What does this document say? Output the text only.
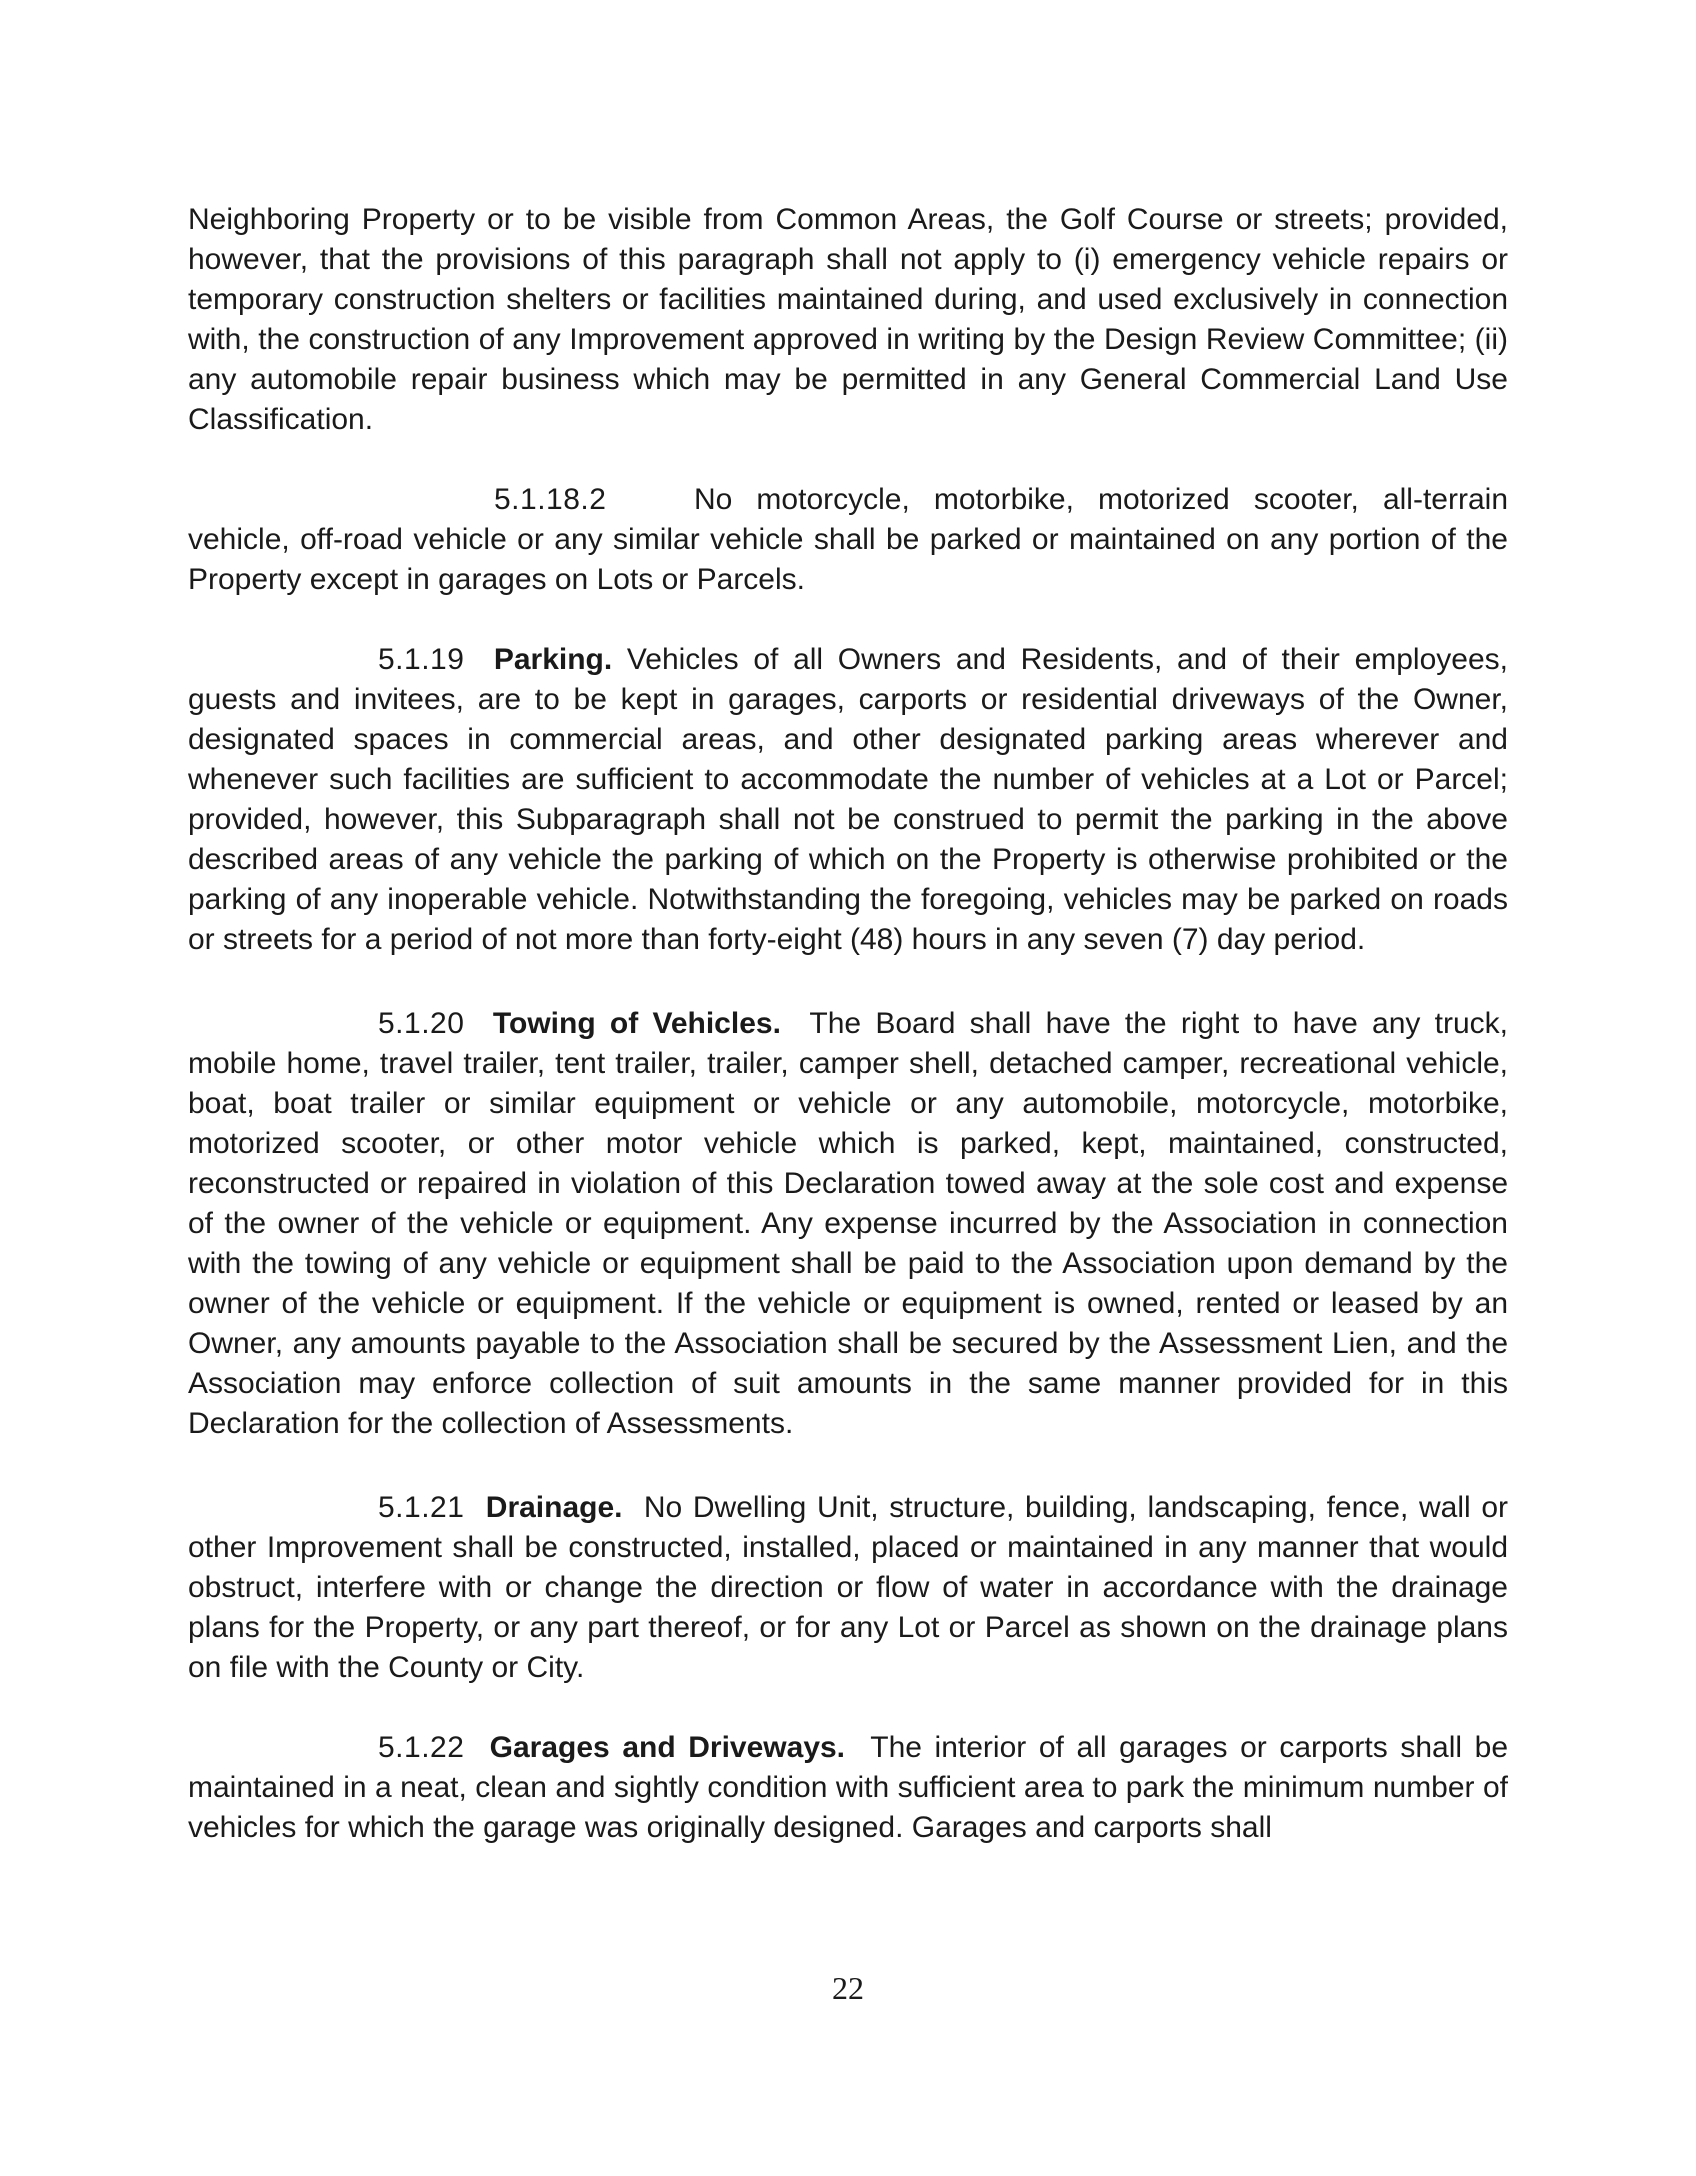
Neighboring Property or to be visible from Common Areas, the Golf Course or streets; provided, however, that the provisions of this paragraph shall not apply to (i) emergency vehicle repairs or temporary construction shelters or facilities maintained during, and used exclusively in connection with, the construction of any Improvement approved in writing by the Design Review Committee; (ii) any automobile repair business which may be permitted in any General Commercial Land Use Classification.

5.1.18.2	No motorcycle, motorbike, motorized scooter, all-terrain vehicle, off-road vehicle or any similar vehicle shall be parked or maintained on any portion of the Property except in garages on Lots or Parcels.

5.1.19 Parking. Vehicles of all Owners and Residents, and of their employees, guests and invitees, are to be kept in garages, carports or residential driveways of the Owner, designated spaces in commercial areas, and other designated parking areas wherever and whenever such facilities are sufficient to accommodate the number of vehicles at a Lot or Parcel; provided, however, this Subparagraph shall not be construed to permit the parking in the above described areas of any vehicle the parking of which on the Property is otherwise prohibited or the parking of any inoperable vehicle. Notwithstanding the foregoing, vehicles may be parked on roads or streets for a period of not more than forty-eight (48) hours in any seven (7) day period.

5.1.20 Towing of Vehicles. The Board shall have the right to have any truck, mobile home, travel trailer, tent trailer, trailer, camper shell, detached camper, recreational vehicle, boat, boat trailer or similar equipment or vehicle or any automobile, motorcycle, motorbike, motorized scooter, or other motor vehicle which is parked, kept, maintained, constructed, reconstructed or repaired in violation of this Declaration towed away at the sole cost and expense of the owner of the vehicle or equipment. Any expense incurred by the Association in connection with the towing of any vehicle or equipment shall be paid to the Association upon demand by the owner of the vehicle or equipment. If the vehicle or equipment is owned, rented or leased by an Owner, any amounts payable to the Association shall be secured by the Assessment Lien, and the Association may enforce collection of suit amounts in the same manner provided for in this Declaration for the collection of Assessments.

5.1.21 Drainage. No Dwelling Unit, structure, building, landscaping, fence, wall or other Improvement shall be constructed, installed, placed or maintained in any manner that would obstruct, interfere with or change the direction or flow of water in accordance with the drainage plans for the Property, or any part thereof, or for any Lot or Parcel as shown on the drainage plans on file with the County or City.

5.1.22 Garages and Driveways. The interior of all garages or carports shall be maintained in a neat, clean and sightly condition with sufficient area to park the minimum number of vehicles for which the garage was originally designed. Garages and carports shall

22
